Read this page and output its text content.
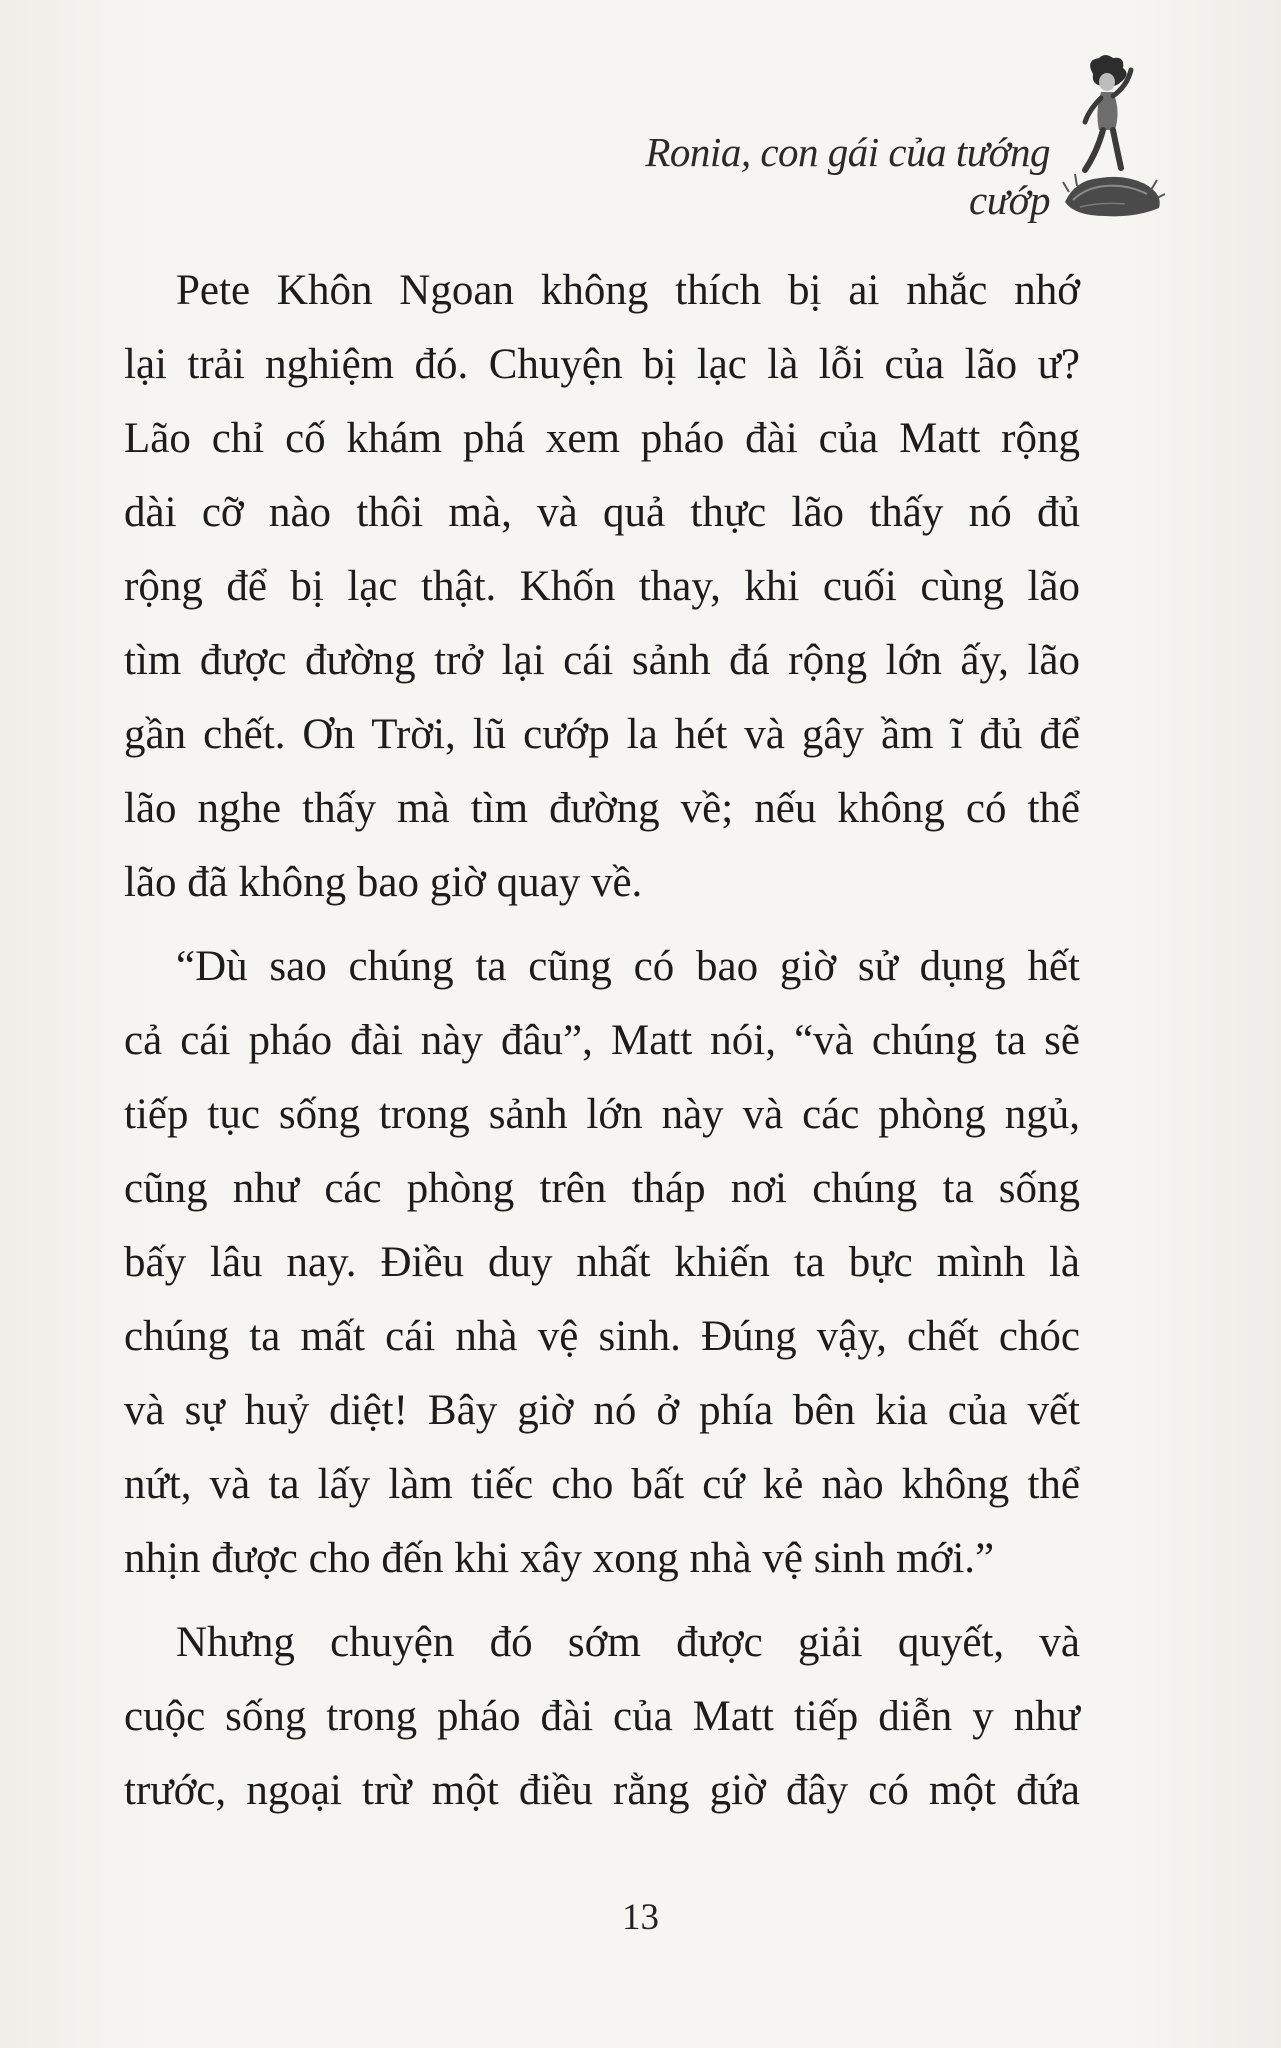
Ronia, con gái của tướng cướp
Pete Khôn Ngoan không thích bị ai nhắc nhớ
lại trải nghiệm đó. Chuyện bị lạc là lỗi của lão ư?
Lão chỉ cố khám phá xem pháo đài của Matt rộng
dài cỡ nào thôi mà, và quả thực lão thấy nó đủ
rộng để bị lạc thật. Khốn thay, khi cuối cùng lão
tìm được đường trở lại cái sảnh đá rộng lớn ấy, lão
gần chết. Ơn Trời, lũ cướp la hét và gây ầm ĩ đủ để
lão nghe thấy mà tìm đường về; nếu không có thể
lão đã không bao giờ quay về.
“Dù sao chúng ta cũng có bao giờ sử dụng hết
cả cái pháo đài này đâu”, Matt nói, “và chúng ta sẽ
tiếp tục sống trong sảnh lớn này và các phòng ngủ,
cũng như các phòng trên tháp nơi chúng ta sống
bấy lâu nay. Điều duy nhất khiến ta bực mình là
chúng ta mất cái nhà vệ sinh. Đúng vậy, chết chóc
và sự huỷ diệt! Bây giờ nó ở phía bên kia của vết
nứt, và ta lấy làm tiếc cho bất cứ kẻ nào không thể
nhịn được cho đến khi xây xong nhà vệ sinh mới.”
Nhưng chuyện đó sớm được giải quyết, và
cuộc sống trong pháo đài của Matt tiếp diễn y như
trước, ngoại trừ một điều rằng giờ đây có một đứa
13
